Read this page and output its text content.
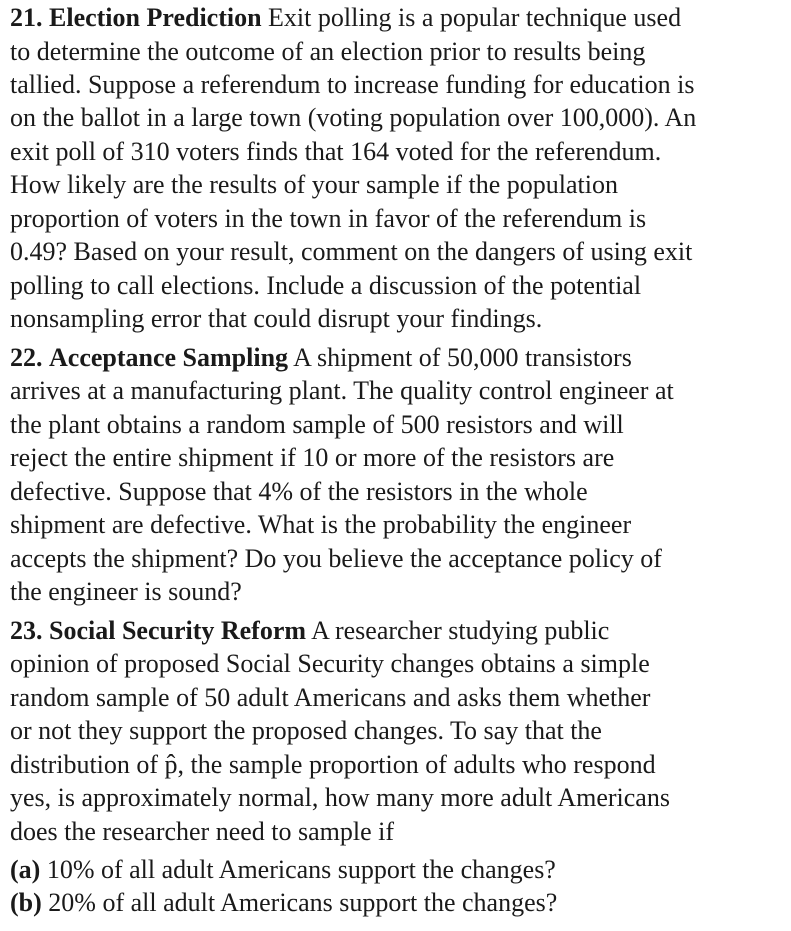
21. Election Prediction Exit polling is a popular technique used
to determine the outcome of an election prior to results being
tallied. Suppose a referendum to increase funding for education is
on the ballot in a large town (voting population over 100,000). An
exit poll of 310 voters finds that 164 voted for the referendum.
How likely are the results of your sample if the population
proportion of voters in the town in favor of the referendum is
0.49? Based on your result, comment on the dangers of using exit
polling to call elections. Include a discussion of the potential
nonsampling error that could disrupt your findings.
22. Acceptance Sampling A shipment of 50,000 transistors
arrives at a manufacturing plant. The quality control engineer at
the plant obtains a random sample of 500 resistors and will
reject the entire shipment if 10 or more of the resistors are
defective. Suppose that 4% of the resistors in the whole
shipment are defective. What is the probability the engineer
accepts the shipment? Do you believe the acceptance policy of
the engineer is sound?
23. Social Security Reform A researcher studying public
opinion of proposed Social Security changes obtains a simple
random sample of 50 adult Americans and asks them whether
or not they support the proposed changes. To say that the
distribution of p̂, the sample proportion of adults who respond
yes, is approximately normal, how many more adult Americans
does the researcher need to sample if
(a) 10% of all adult Americans support the changes?
(b) 20% of all adult Americans support the changes?
